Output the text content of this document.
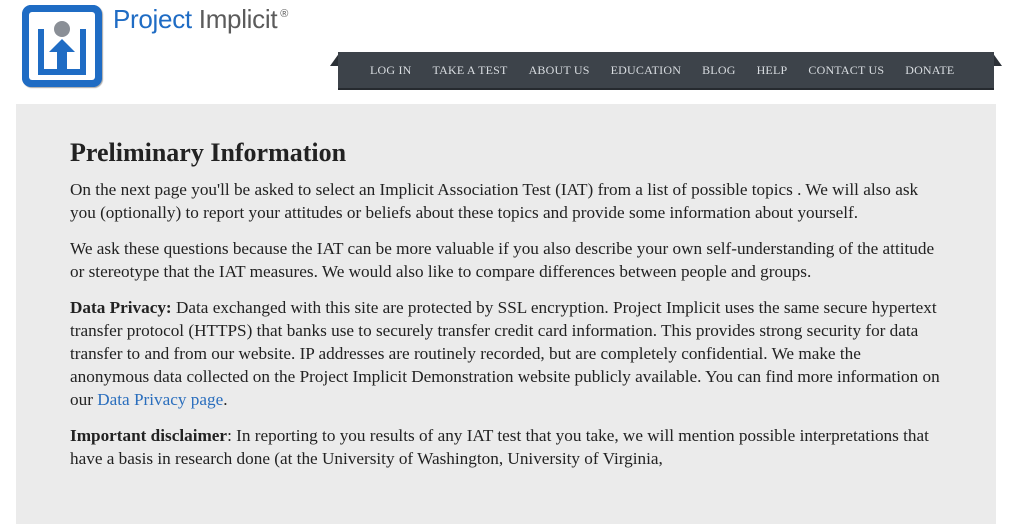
Project Implicit ®
LOG IN TAKE A TEST ABOUT US EDUCATION BLOG HELP CONTACT US DONATE
Preliminary Information

On the next page you'll be asked to select an Implicit Association Test (IAT) from a list of possible topics . We will also ask you (optionally) to report your attitudes or beliefs about these topics and provide some information about yourself.

We ask these questions because the IAT can be more valuable if you also describe your own self-understanding of the attitude or stereotype that the IAT measures. We would also like to compare differences between people and groups.

Data Privacy: Data exchanged with this site are protected by SSL encryption. Project Implicit uses the same secure hypertext transfer protocol (HTTPS) that banks use to securely transfer credit card information. This provides strong security for data transfer to and from our website. IP addresses are routinely recorded, but are completely confidential. We make the anonymous data collected on the Project Implicit Demonstration website publicly available. You can find more information on our Data Privacy page.

Important disclaimer: In reporting to you results of any IAT test that you take, we will mention possible interpretations that have a basis in research done (at the University of Washington, University of Virginia,
